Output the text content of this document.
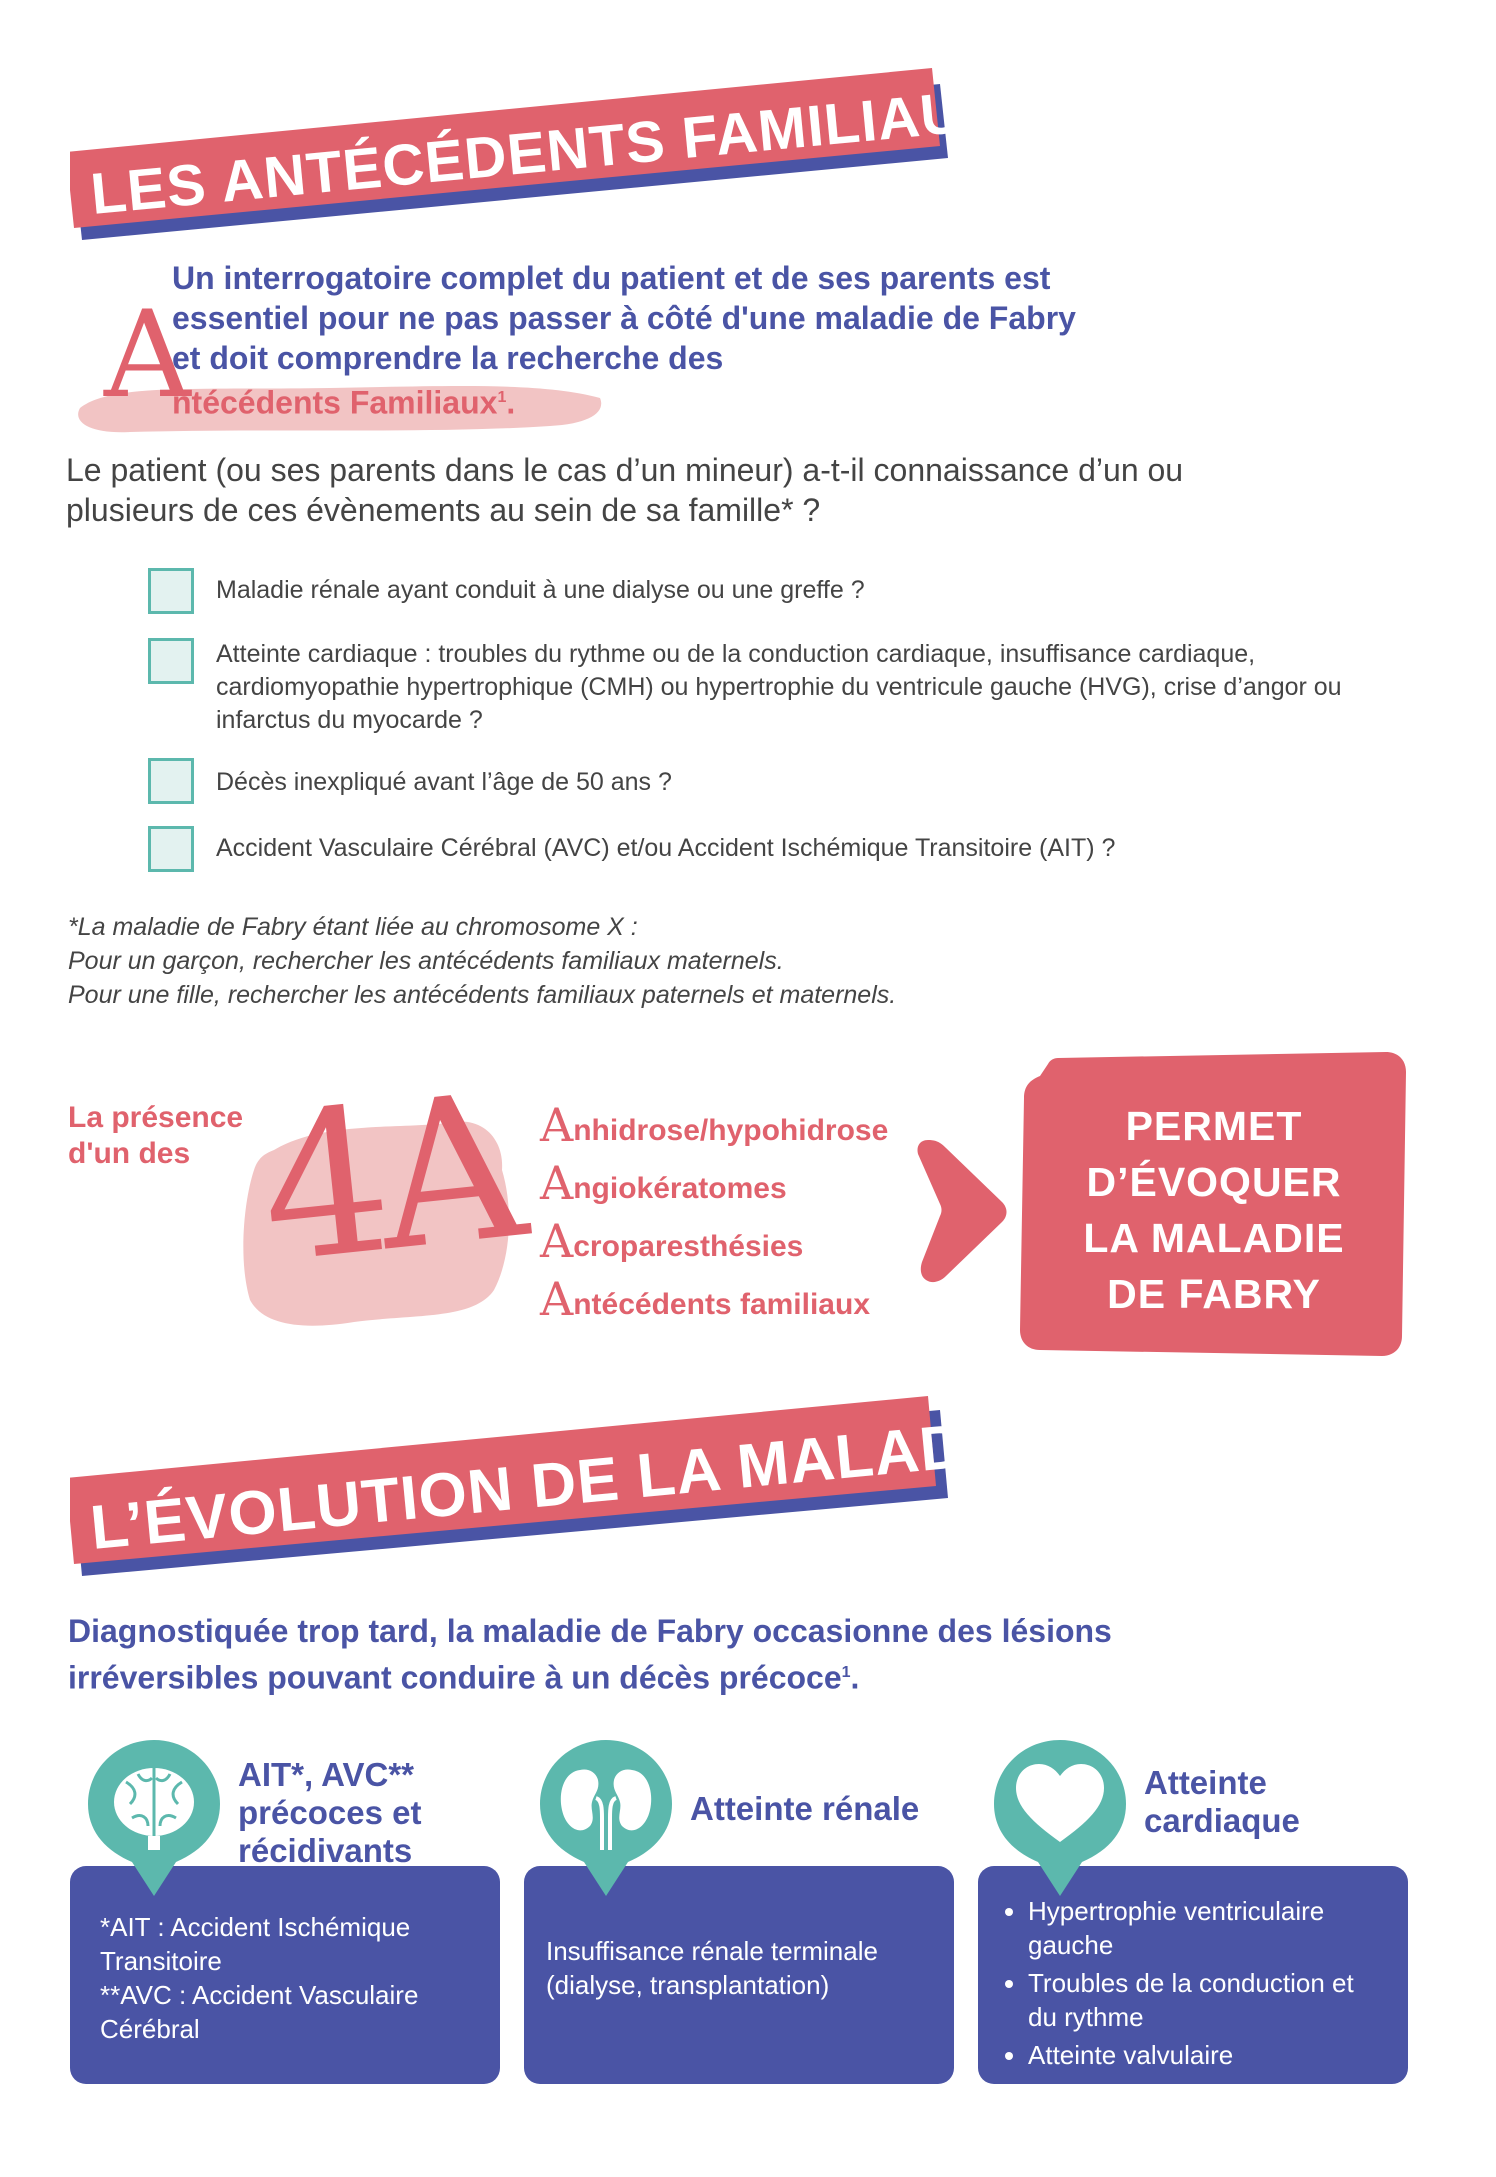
LES ANTÉCÉDENTS FAMILIAUX
A
Un interrogatoire complet du patient et de ses parents est
essentiel pour ne pas passer à côté d'une maladie de Fabry
et doit comprendre la recherche des
ntécédents Familiaux$^1$.
Le patient (ou ses parents dans le cas d’un mineur) a-t-il connaissance d’un ou
plusieurs de ces évènements au sein de sa famille* ?
Maladie rénale ayant conduit à une dialyse ou une greffe ?
Atteinte cardiaque : troubles du rythme ou de la conduction cardiaque, insuffisance cardiaque, cardiomyopathie hypertrophique (CMH) ou hypertrophie du ventricule gauche (HVG), crise d’angor ou infarctus du myocarde ?
Décès inexpliqué avant l’âge de 50 ans ?
Accident Vasculaire Cérébral (AVC) et/ou Accident Ischémique Transitoire (AIT) ?
*La maladie de Fabry étant liée au chromosome X :
Pour un garçon, rechercher les antécédents familiaux maternels.
Pour une fille, rechercher les antécédents familiaux paternels et maternels.
La présence
d'un des 4A A nhidrose/hypohidrose
A ngiokératomes
A croparesthésies
A ntécédents familiaux
PERMET
D’ÉVOQUER
LA MALADIE
DE FABRY
L’ÉVOLUTION DE LA MALADIE
Diagnostiquée trop tard, la maladie de Fabry occasionne des lésions
irréversibles pouvant conduire à un décès précoce$^1$.
*AIT : Accident Ischémique
Transitoire
**AVC : Accident Vasculaire
Cérébral
AIT*, AVC**
précoces et
récidivants
Insuffisance rénale terminale
(dialyse, transplantation)
Atteinte rénale
• Hypertrophie ventriculaire gauche
• Troubles de la conduction et du rythme
• Atteinte valvulaire
Atteinte
cardiaque
